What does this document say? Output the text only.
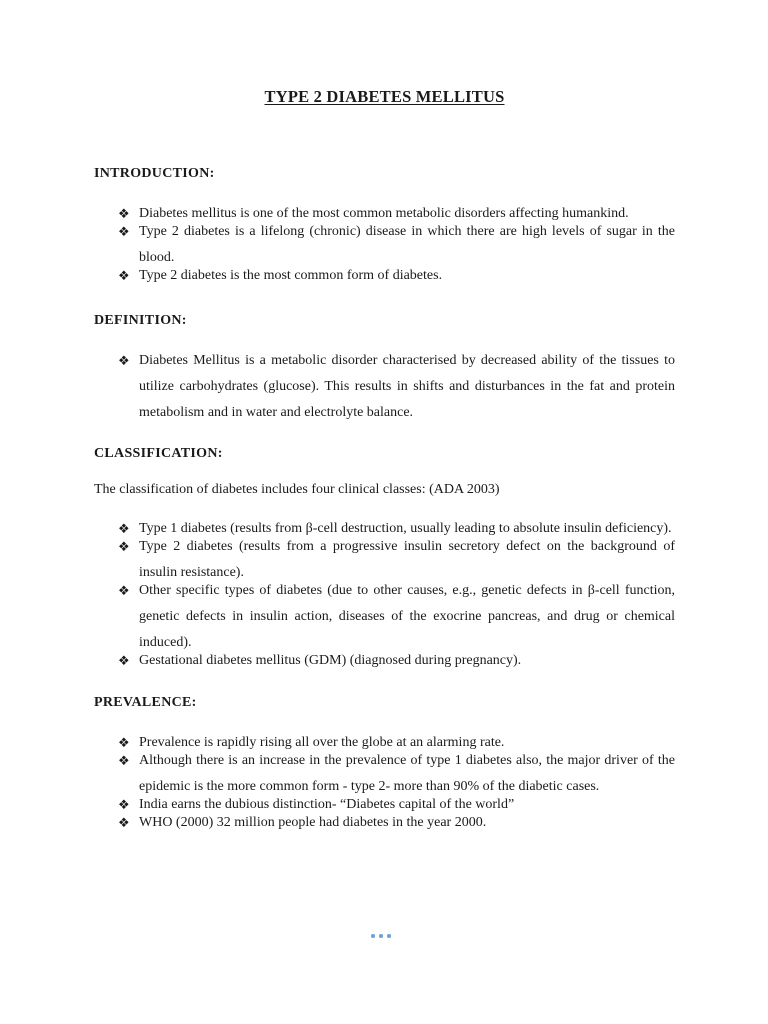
TYPE 2 DIABETES MELLITUS
INTRODUCTION:
❖ Diabetes mellitus is one of the most common metabolic disorders affecting humankind.
❖ Type 2 diabetes is a lifelong (chronic) disease in which there are high levels of sugar in the blood.
❖ Type 2 diabetes is the most common form of diabetes.
DEFINITION:
❖ Diabetes Mellitus is a metabolic disorder characterised by decreased ability of the tissues to utilize carbohydrates (glucose). This results in shifts and disturbances in the fat and protein metabolism and in water and electrolyte balance.
CLASSIFICATION:

The classification of diabetes includes four clinical classes: (ADA 2003)

❖ Type 1 diabetes (results from β-cell destruction, usually leading to absolute insulin deficiency).
❖ Type 2 diabetes (results from a progressive insulin secretory defect on the background of insulin resistance).
❖ Other specific types of diabetes (due to other causes, e.g., genetic defects in β-cell function, genetic defects in insulin action, diseases of the exocrine pancreas, and drug or chemical induced).
❖ Gestational diabetes mellitus (GDM) (diagnosed during pregnancy).
PREVALENCE:
❖ Prevalence is rapidly rising all over the globe at an alarming rate.
❖ Although there is an increase in the prevalence of type 1 diabetes also, the major driver of the epidemic is the more common form - type 2- more than 90% of the diabetic cases.
❖ India earns the dubious distinction- “Diabetes capital of the world”
❖ WHO (2000) 32 million people had diabetes in the year 2000.
